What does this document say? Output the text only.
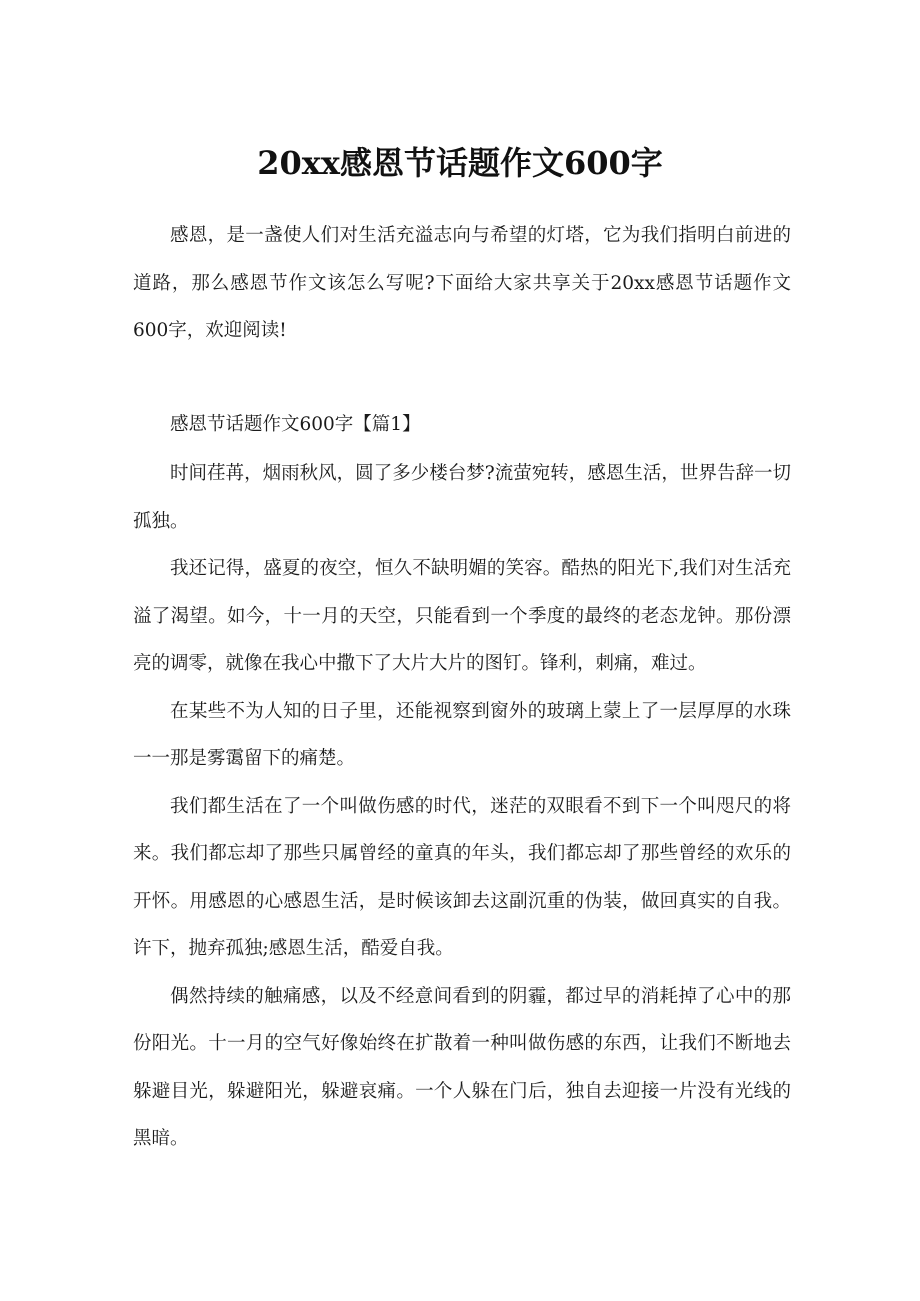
20xx感恩节话题作文600字

感恩，是一盏使人们对生活充溢志向与希望的灯塔，它为我们指明白前进的道路，那么感恩节作文该怎么写呢?下面给大家共享关于20xx感恩节话题作文600字，欢迎阅读!

感恩节话题作文600字【篇1】

时间荏苒，烟雨秋风，圆了多少楼台梦?流萤宛转，感恩生活，世界告辞一切孤独。

我还记得，盛夏的夜空，恒久不缺明媚的笑容。酷热的阳光下,我们对生活充溢了渴望。如今，十一月的天空，只能看到一个季度的最终的老态龙钟。那份漂亮的调零，就像在我心中撒下了大片大片的图钉。锋利，刺痛，难过。

在某些不为人知的日子里，还能视察到窗外的玻璃上蒙上了一层厚厚的水珠一一那是雾霭留下的痛楚。

我们都生活在了一个叫做伤感的时代，迷茫的双眼看不到下一个叫咫尺的将来。我们都忘却了那些只属曾经的童真的年头，我们都忘却了那些曾经的欢乐的开怀。用感恩的心感恩生活，是时候该卸去这副沉重的伪装，做回真实的自我。许下，抛弃孤独;感恩生活，酷爱自我。

偶然持续的触痛感，以及不经意间看到的阴霾，都过早的消耗掉了心中的那份阳光。十一月的空气好像始终在扩散着一种叫做伤感的东西，让我们不断地去躲避目光，躲避阳光，躲避哀痛。一个人躲在门后，独自去迎接一片没有光线的黑暗。
